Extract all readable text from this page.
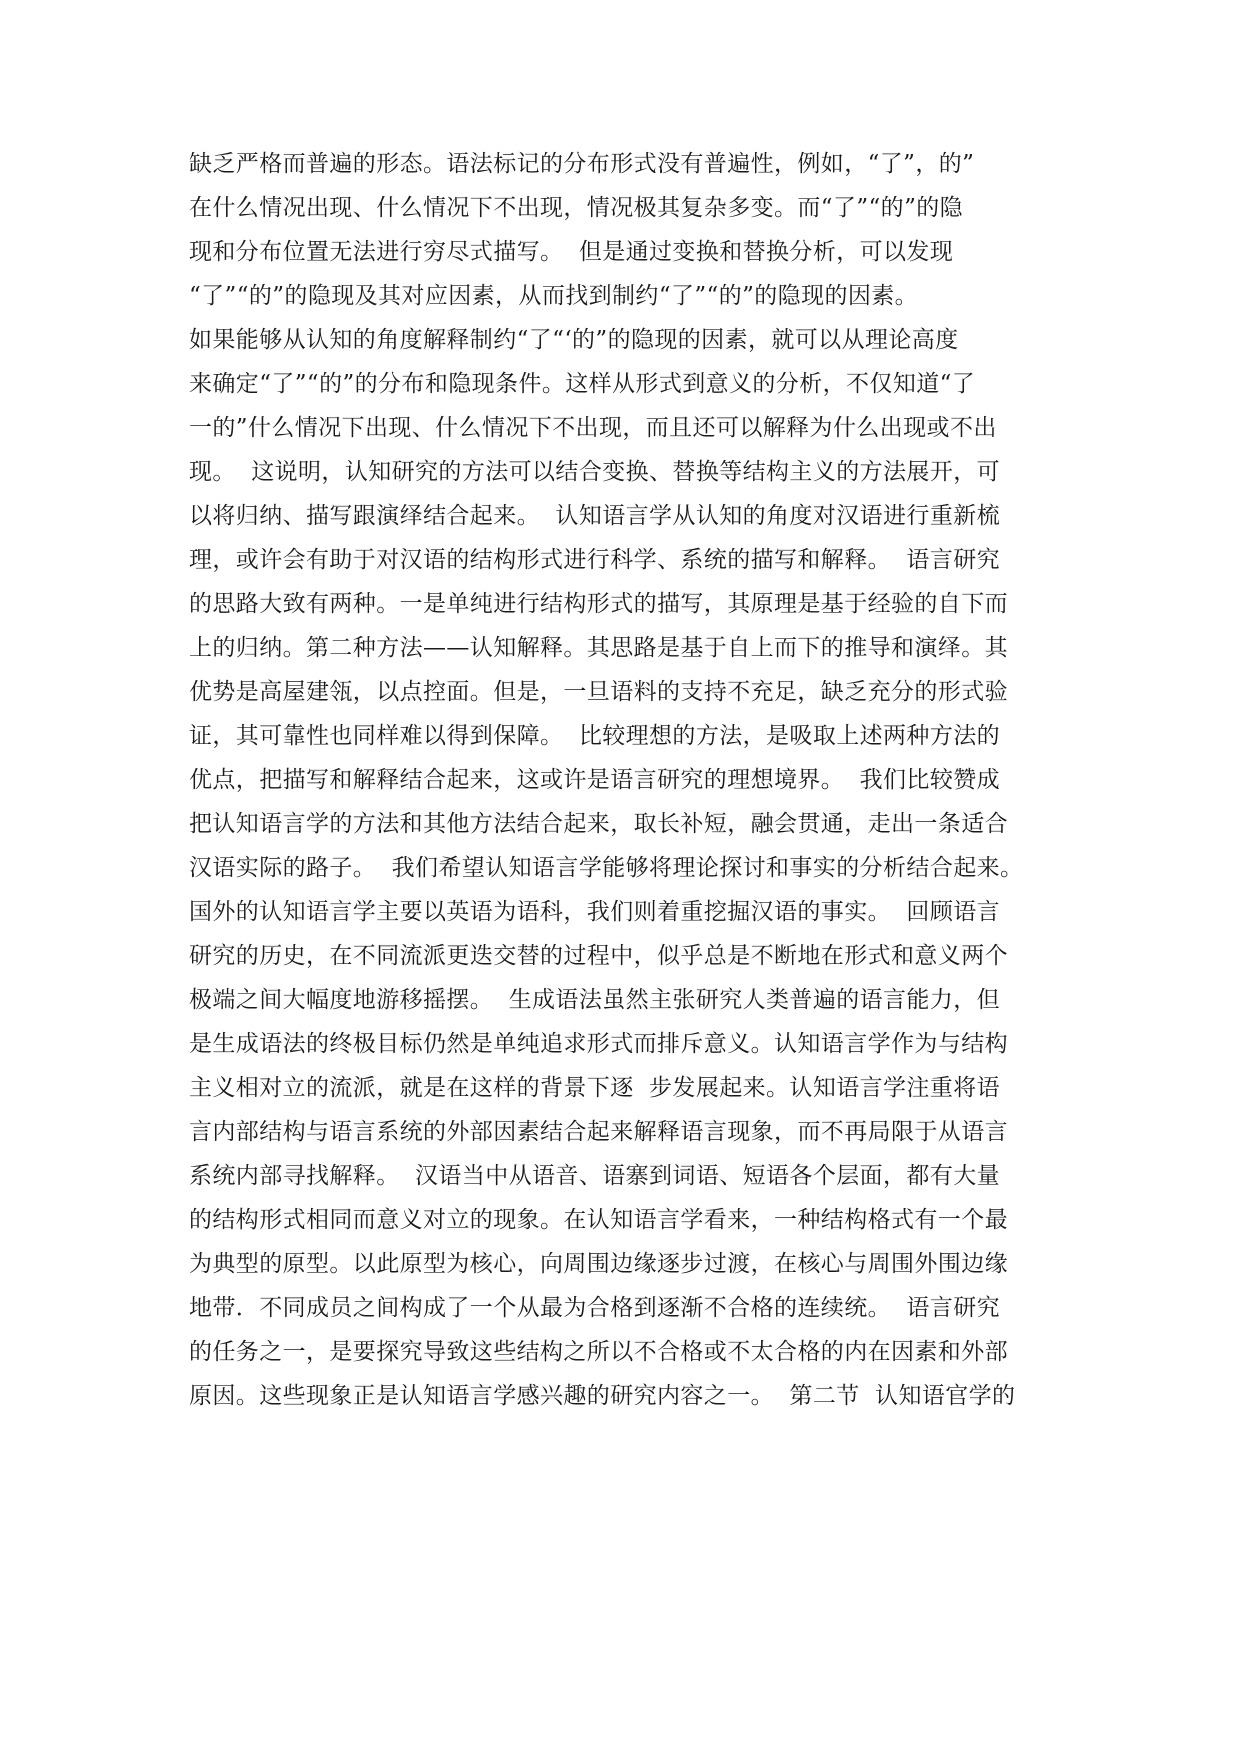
缺乏严格而普遍的形态。语法标记的分布形式没有普遍性，例如，“了”，的”
在什么情况出现、什么情况下不出现，情况极其复杂多变。而“了”“的”的隐
现和分布位置无法进行穷尽式描写。  但是通过变换和替换分析，可以发现
“了”“的”的隐现及其对应因素，从而找到制约“了”“的”的隐现的因素。
如果能够从认知的角度解释制约“了“‘的”的隐现的因素，就可以从理论高度
来确定“了”“的”的分布和隐现条件。这样从形式到意义的分析，不仅知道“了
一的”什么情况下出现、什么情况下不出现，而且还可以解释为什么出现或不出
现。  这说明，认知研究的方法可以结合变换、替换等结构主义的方法展开，可
以将归纳、描写跟演绎结合起来。  认知语言学从认知的角度对汉语进行重新梳
理，或许会有助于对汉语的结构形式进行科学、系统的描写和解释。  语言研究
的思路大致有两种。一是单纯进行结构形式的描写，其原理是基于经验的自下而
上的归纳。第二种方法——认知解释。其思路是基于自上而下的推导和演绎。其
优势是高屋建瓴，以点控面。但是，一旦语料的支持不充足，缺乏充分的形式验
证，其可靠性也同样难以得到保障。  比较理想的方法，是吸取上述两种方法的
优点，把描写和解释结合起来，这或许是语言研究的理想境界。  我们比较赞成
把认知语言学的方法和其他方法结合起来，取长补短，融会贯通，走出一条适合
汉语实际的路子。  我们希望认知语言学能够将理论探讨和事实的分析结合起来。
国外的认知语言学主要以英语为语科，我们则着重挖掘汉语的事实。  回顾语言
研究的历史，在不同流派更迭交替的过程中，似乎总是不断地在形式和意义两个
极端之间大幅度地游移摇摆。  生成语法虽然主张研究人类普遍的语言能力，但
是生成语法的终极目标仍然是单纯追求形式而排斥意义。认知语言学作为与结构
主义相对立的流派，就是在这样的背景下逐  步发展起来。认知语言学注重将语
言内部结构与语言系统的外部因素结合起来解释语言现象，而不再局限于从语言
系统内部寻找解释。  汉语当中从语音、语寨到词语、短语各个层面，都有大量
的结构形式相同而意义对立的现象。在认知语言学看来，一种结构格式有一个最
为典型的原型。以此原型为核心，向周围边缘逐步过渡，在核心与周围外围边缘
地带．不同成员之间构成了一个从最为合格到逐渐不合格的连续统。  语言研究
的任务之一，是要探究导致这些结构之所以不合格或不太合格的内在因素和外部
原因。这些现象正是认知语言学感兴趣的研究内容之一。  第二节  认知语官学的
